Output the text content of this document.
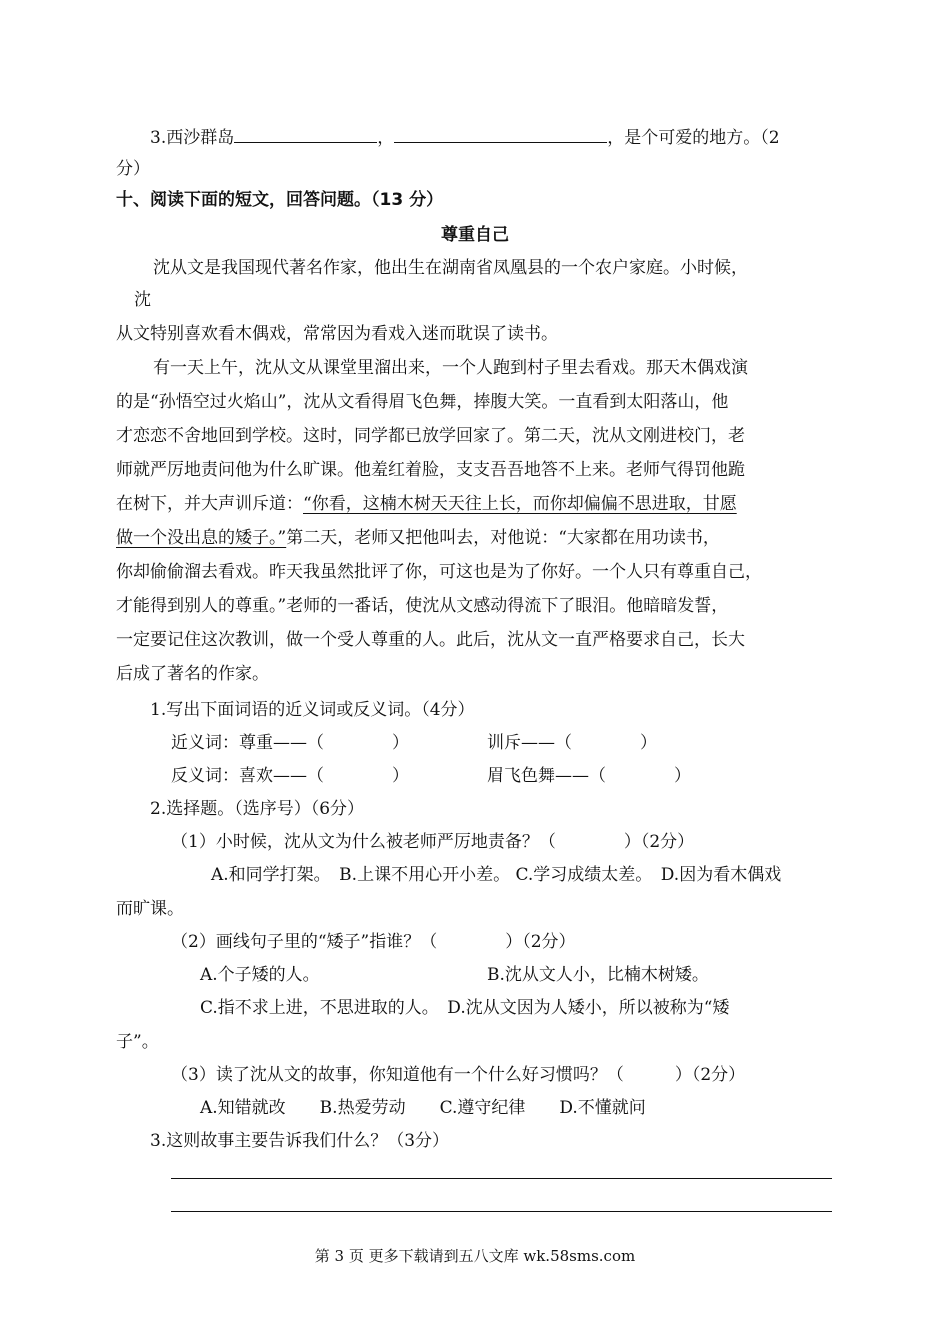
3.西沙群岛	，	，是个可爱的地方。（2
分）
十、阅读下面的短文，回答问题。（13 分）
尊重自己
沈从文是我国现代著名作家，他出生在湖南省凤凰县的一个农户家庭。小时候，
沈
从文特别喜欢看木偶戏，常常因为看戏入迷而耽误了读书。
有一天上午，沈从文从课堂里溜出来，一个人跑到村子里去看戏。那天木偶戏演
的是“孙悟空过火焰山”，沈从文看得眉飞色舞，捧腹大笑。一直看到太阳落山，他
才恋恋不舍地回到学校。这时，同学都已放学回家了。第二天，沈从文刚进校门，老
师就严厉地责问他为什么旷课。他羞红着脸，支支吾吾地答不上来。老师气得罚他跪
在树下，并大声训斥道：“你看，这楠木树天天往上长，而你却偏偏不思进取，甘愿
做一个没出息的矮子。”第二天，老师又把他叫去，对他说：“大家都在用功读书，
你却偷偷溜去看戏。昨天我虽然批评了你，可这也是为了你好。一个人只有尊重自己，
才能得到别人的尊重。”老师的一番话，使沈从文感动得流下了眼泪。他暗暗发誓，
一定要记住这次教训，做一个受人尊重的人。此后，沈从文一直严格要求自己，长大
后成了著名的作家。
1.写出下面词语的近义词或反义词。（4分）
近义词：尊重——（　　　　）	训斥——（　　　　）
反义词：喜欢——（　　　　）	眉飞色舞——（　　　　）
2.选择题。（选序号）（6分）
（1）小时候，沈从文为什么被老师严厉地责备？（　　　　）（2分）
A.和同学打架。　B.上课不用心开小差。 C.学习成绩太差。　D.因为看木偶戏
而旷课。
（2）画线句子里的“矮子”指谁？（　　　　）（2分）
A.个子矮的人。	B.沈从文人小，比楠木树矮。
C.指不求上进，不思进取的人。　D.沈从文因为人矮小，所以被称为“矮
子”。
（3）读了沈从文的故事，你知道他有一个什么好习惯吗？（　　　）（2分）
A.知错就改　　B.热爱劳动　　C.遵守纪律　　D.不懂就问
3.这则故事主要告诉我们什么？（3分）
第 3 页 更多下载请到五八文库 wk.58sms.com
